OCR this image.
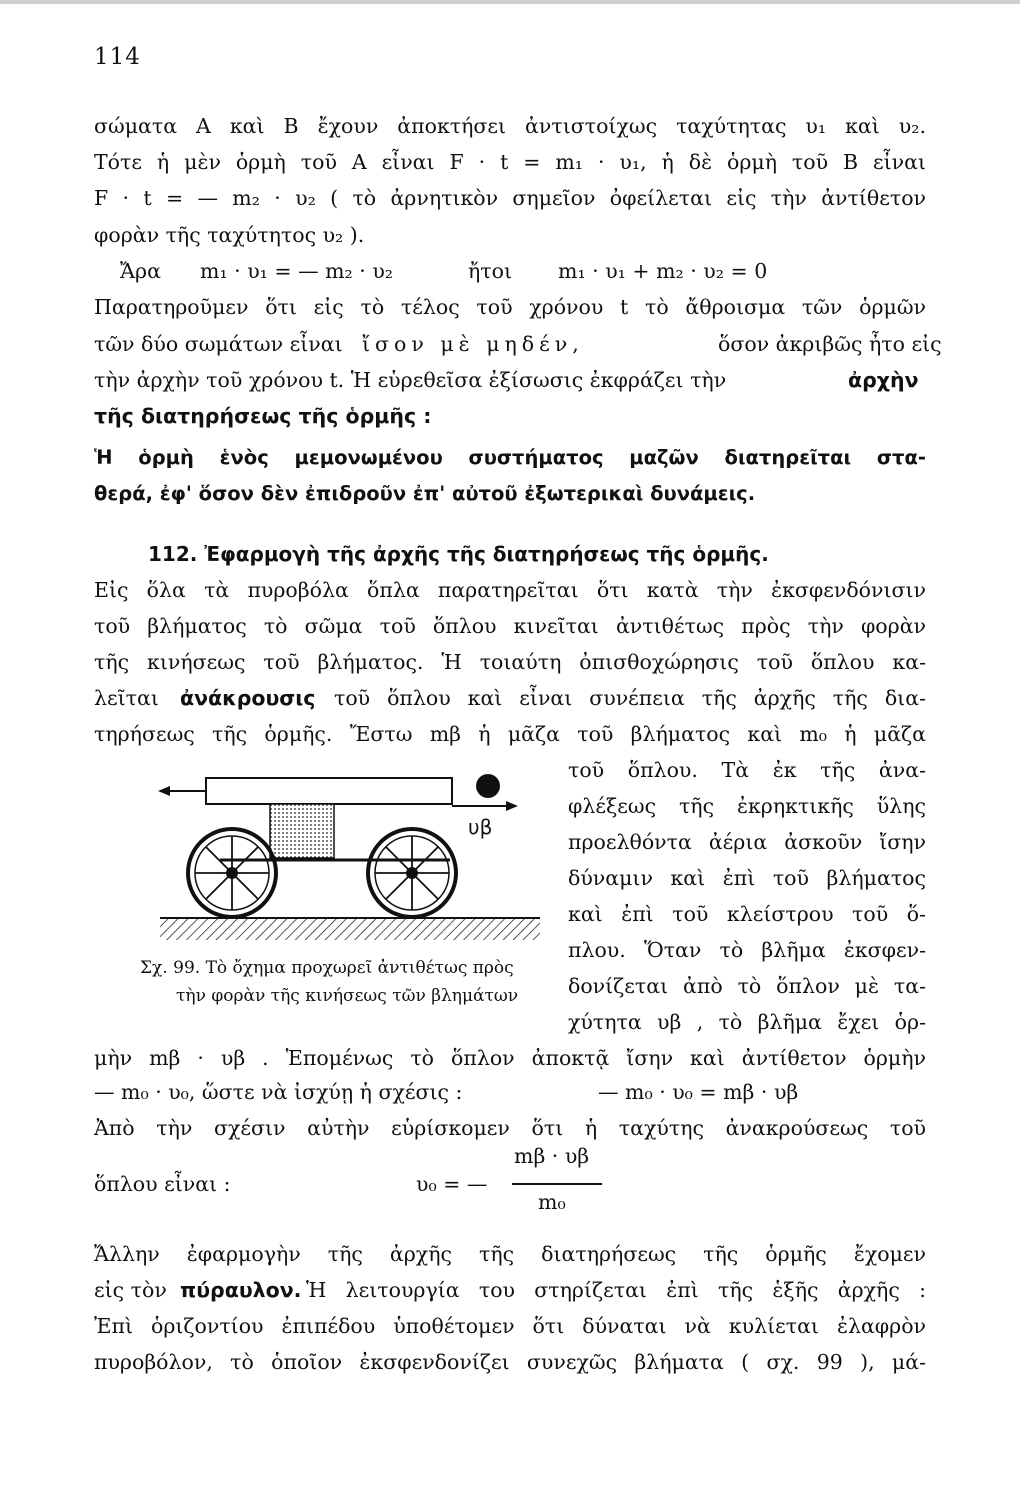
114
σώματα Α καὶ Β ἔχουν ἀποκτήσει ἀντιστοίχως ταχύτητας υ₁ καὶ υ₂.
Τότε ἡ μὲν ὁρμὴ τοῦ Α εἶναι F · t = m₁ · υ₁, ἡ δὲ ὁρμὴ τοῦ Β εἶναι
F · t = — m₂ · υ₂ ( τὸ ἀρνητικὸν σημεῖον ὀφείλεται εἰς τὴν ἀντίθετον
φορὰν τῆς ταχύτητος υ₂ ).
Ἄρα m₁ · υ₁ = — m₂ · υ₂	ἤτοι m₁ · υ₁ + m₂ · υ₂ = 0
Παρατηροῦμεν ὅτι εἰς τὸ τέλος τοῦ χρόνου t τὸ ἄθροισμα τῶν ὁρμῶν
τῶν δύο σωμάτων εἶναι ἴσον μὲ μηδέν,	ὅσον ἀκριβῶς ἦτο εἰς
τὴν ἀρχὴν τοῦ χρόνου t. Ἡ εὑρεθεῖσα ἐξίσωσις ἐκφράζει τὴν	ἀρχὴν
τῆς διατηρήσεως τῆς ὁρμῆς :
Ἡ ὁρμὴ ἑνὸς μεμονωμένου συστήματος μαζῶν διατηρεῖται στα-
θερά, ἐφ' ὅσον δὲν ἐπιδροῦν ἐπ' αὐτοῦ ἐξωτερικαὶ δυνάμεις.
112. Ἐφαρμογὴ τῆς ἀρχῆς τῆς διατηρήσεως τῆς ὁρμῆς.
Εἰς ὅλα τὰ πυροβόλα ὅπλα παρατηρεῖται ὅτι κατὰ τὴν ἐκσφενδόνισιν
τοῦ βλήματος τὸ σῶμα τοῦ ὅπλου κινεῖται ἀντιθέτως πρὸς τὴν φορὰν
τῆς κινήσεως τοῦ βλήματος. Ἡ τοιαύτη ὀπισθοχώρησις τοῦ ὅπλου κα-
λεῖται ἀνάκρουσις τοῦ ὅπλου καὶ εἶναι συνέπεια τῆς ἀρχῆς τῆς δια-
τηρήσεως τῆς ὁρμῆς. Ἔστω mβ ἡ μᾶζα τοῦ βλήματος καὶ m₀ ἡ μᾶζα
τοῦ ὅπλου. Τὰ ἐκ τῆς ἀνα-
φλέξεως τῆς ἐκρηκτικῆς ὕλης
προελθόντα ἀέρια ἀσκοῦν ἴσην
δύναμιν καὶ ἐπὶ τοῦ βλήματος
καὶ ἐπὶ τοῦ κλείστρου τοῦ ὅ-
πλου. Ὅταν τὸ βλῆμα ἐκσφεν-
δονίζεται ἀπὸ τὸ ὅπλον μὲ τα-
χύτητα υβ , τὸ βλῆμα ἔχει ὁρ-
υβ
Σχ. 99. Τὸ ὄχημα προχωρεῖ ἀντιθέτως πρὸς
τὴν φορὰν τῆς κινήσεως τῶν βλημάτων
μὴν mβ · υβ . Ἑπομένως τὸ ὅπλον ἀποκτᾷ ἴσην καὶ ἀντίθετον ὁρμὴν
— m₀ · υ₀, ὥστε νὰ ἰσχύῃ ἡ σχέσις :	— m₀ · υ₀ = mβ · υβ
Ἀπὸ τὴν σχέσιν αὐτὴν εὑρίσκομεν ὅτι ἡ ταχύτης ἀνακρούσεως τοῦ
ὅπλου εἶναι :	υ₀ = —
mβ · υβ
m₀
Ἄλλην ἐφαρμογὴν τῆς ἀρχῆς τῆς διατηρήσεως τῆς ὁρμῆς ἔχομεν
εἰς τὸν πύραυλον. Ἡ λειτουργία του στηρίζεται ἐπὶ τῆς ἑξῆς ἀρχῆς :
Ἐπὶ ὁριζοντίου ἐπιπέδου ὑποθέτομεν ὅτι δύναται νὰ κυλίεται ἐλαφρὸν
πυροβόλον, τὸ ὁποῖον ἐκσφενδονίζει συνεχῶς βλήματα ( σχ. 99 ), μά-
